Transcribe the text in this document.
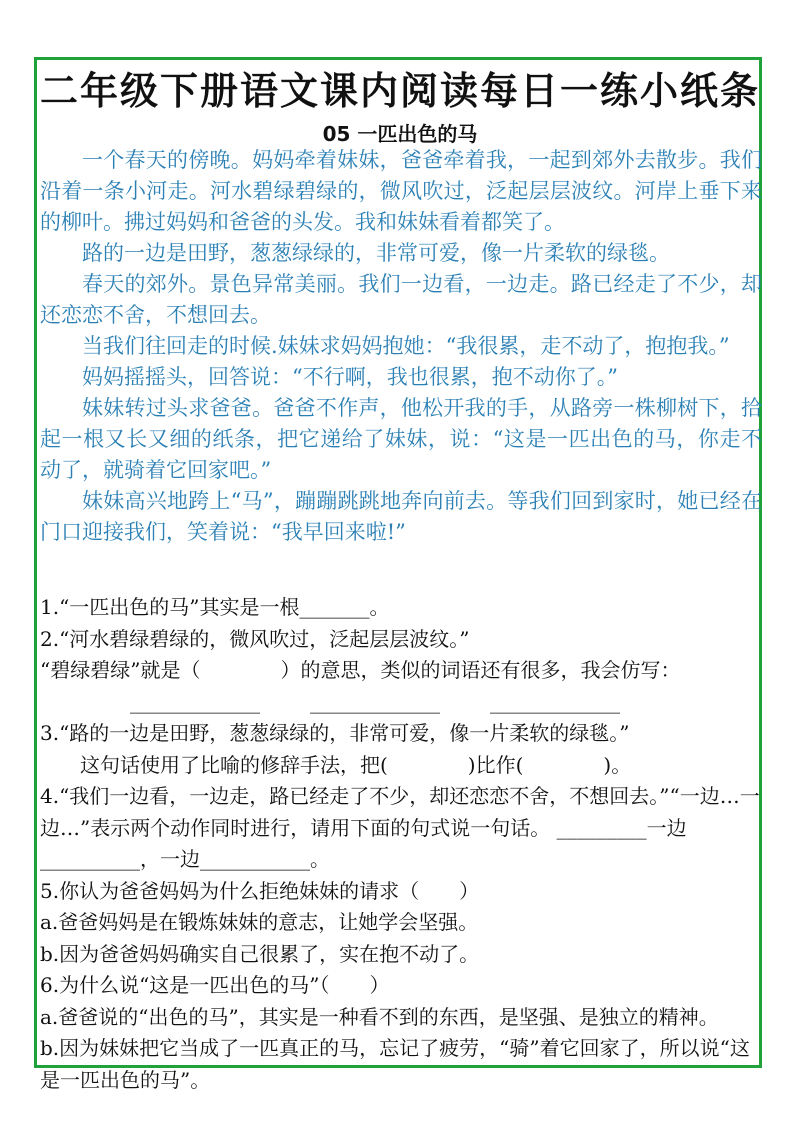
二年级下册语文课内阅读每日一练小纸条
05 一匹出色的马

一个春天的傍晚。妈妈牵着妹妹，爸爸牵着我，一起到郊外去散步。我们沿着一条小河走。河水碧绿碧绿的，微风吹过，泛起层层波纹。河岸上垂下来的柳叶。拂过妈妈和爸爸的头发。我和妹妹看着都笑了。

路的一边是田野，葱葱绿绿的，非常可爱，像一片柔软的绿毯。

春天的郊外。景色异常美丽。我们一边看，一边走。路已经走了不少，却还恋恋不舍，不想回去。

当我们往回走的时候.妹妹求妈妈抱她：“我很累，走不动了，抱抱我。”

妈妈摇摇头，回答说：“不行啊，我也很累，抱不动你了。”

妹妹转过头求爸爸。爸爸不作声，他松开我的手，从路旁一株柳树下，拾起一根又长又细的纸条，把它递给了妹妹，说：“这是一匹出色的马，你走不动了，就骑着它回家吧。”

妹妹高兴地跨上“马”，蹦蹦跳跳地奔向前去。等我们回到家时，她已经在门口迎接我们，笑着说：“我早回来啦!”

1.“一匹出色的马”其实是一根_______。
2.“河水碧绿碧绿的，微风吹过，泛起层层波纹。”
“碧绿碧绿”就是（　　　　）的意思，类似的词语还有很多，我会仿写：
_____________	_____________	_____________
3.“路的一边是田野，葱葱绿绿的，非常可爱，像一片柔软的绿毯。”
这句话使用了比喻的修辞手法，把(　　　　)比作(　　　　)。
4.“我们一边看，一边走，路已经走了不少，却还恋恋不舍，不想回去。”“一边…一边…”表示两个动作同时进行，请用下面的句式说一句话。 _________一边__________，一边___________。
5.你认为爸爸妈妈为什么拒绝妹妹的请求（　　）
a.爸爸妈妈是在锻炼妹妹的意志，让她学会坚强。
b.因为爸爸妈妈确实自己很累了，实在抱不动了。
6.为什么说“这是一匹出色的马”（　　）
a.爸爸说的“出色的马”，其实是一种看不到的东西，是坚强、是独立的精神。
b.因为妹妹把它当成了一匹真正的马，忘记了疲劳，“骑”着它回家了，所以说“这是一匹出色的马”。
